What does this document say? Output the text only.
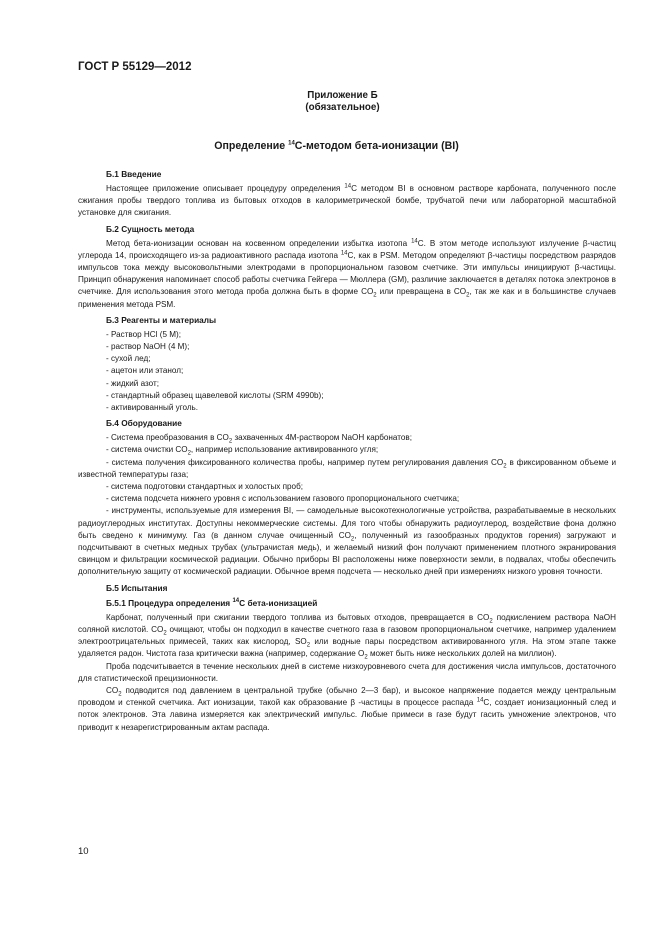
ГОСТ Р 55129—2012
Приложение Б
(обязательное)
Определение $^{14}$С-методом бета-ионизации (BI)
Б.1 Введение

Настоящее приложение описывает процедуру определения $^{14}$С методом BI в основном растворе карбоната, полученного после сжигания пробы твердого топлива из бытовых отходов в калориметрической бомбе, трубчатой печи или лабораторной масштабной установке для сжигания.

Б.2 Сущность метода

Метод бета-ионизации основан на косвенном определении избытка изотопа $^{14}$С. В этом методе используют излучение β-частиц углерода 14, происходящего из-за радиоактивного распада изотопа $^{14}$С, как в PSM. Методом определяют β-частицы посредством разрядов импульсов тока между высоковольтными электродами в пропорциональном газовом счетчике. Эти импульсы инициируют β-частицы. Принцип обнаружения напоминает способ работы счетчика Гейгера — Мюллера (GM), различие заключается в деталях потока электронов в счетчике. Для использования этого метода проба должна быть в форме $CO_2$ или превращена в $CO_2$, так же как и в большинстве случаев применения метода PSM.

Б.3 Реагенты и материалы
- Раствор HCl (5 М);
- раствор NaOH (4 М);
- сухой лед;
- ацетон или этанол;
- жидкий азот;
- стандартный образец щавелевой кислоты (SRM 4990b);
- активированный уголь.
Б.4 Оборудование
- Система преобразования в $CO_2$ захваченных 4М-раствором NaOH карбонатов;
- система очистки $CO_2$, например использование активированного угля;
- система получения фиксированного количества пробы, например путем регулирования давления $CO_2$ в фиксированном объеме и известной температуры газа;
- система подготовки стандартных и холостых проб;
- система подсчета нижнего уровня с использованием газового пропорционального счетчика;
- инструменты, используемые для измерения BI, — самодельные высокотехнологичные устройства, разрабатываемые в нескольких радиоуглеродных институтах. Доступны некоммерческие системы. Для того чтобы обнаружить радиоуглерод, воздействие фона должно быть сведено к минимуму. Газ (в данном случае очищенный $CO_2$, полученный из газообразных продуктов горения) загружают и подсчитывают в счетных медных трубах (ультрачистая медь), и желаемый низкий фон получают применением плотного экранирования свинцом и фильтрации космической радиации. Обычно приборы BI расположены ниже поверхности земли, в подвалах, чтобы обеспечить дополнительную защиту от космической радиации. Обычное время подсчета — несколько дней при измерениях низкого уровня точности.
Б.5 Испытания
Б.5.1 Процедура определения $^{14}$С бета-ионизацией

Карбонат, полученный при сжигании твердого топлива из бытовых отходов, превращается в $CO_2$ подкислением раствора NaOH соляной кислотой. $CO_2$ очищают, чтобы он подходил в качестве счетного газа в газовом пропорциональном счетчике, например удалением электроотрицательных примесей, таких как кислород, $SO_2$ или водные пары посредством активированного угля. На этом этапе также удаляется радон. Чистота газа критически важна (например, содержание $O_2$ может быть ниже нескольких долей на миллион).

Проба подсчитывается в течение нескольких дней в системе низкоуровневого счета для достижения числа импульсов, достаточного для статистической прецизионности.

$CO_2$ подводится под давлением в центральной трубке (обычно 2—3 бар), и высокое напряжение подается между центральным проводом и стенкой счетчика. Акт ионизации, такой как образование β -частицы в процессе распада $^{14}$С, создает ионизационный след и поток электронов. Эта лавина измеряется как электрический импульс. Любые примеси в газе будут гасить умножение электронов, что приводит к незарегистрированным актам распада.

10
